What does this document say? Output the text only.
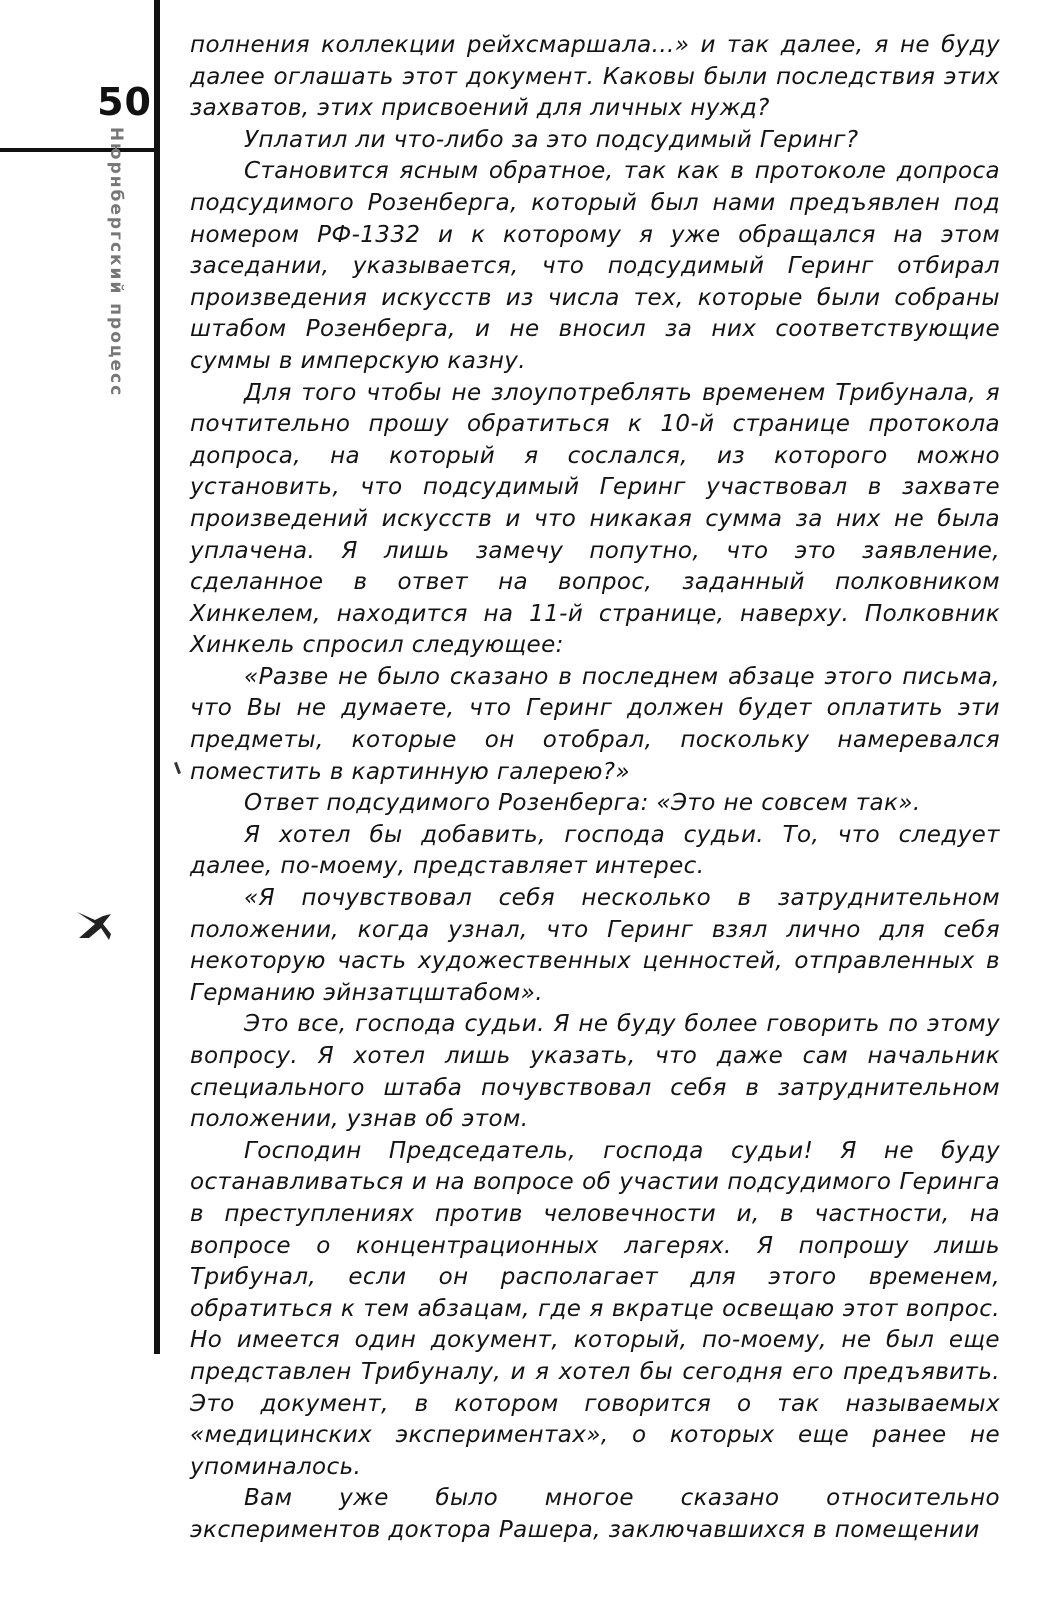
50
Нюрнбергский процесс

полнения коллекции рейхсмаршала...» и так далее, я не буду далее оглашать этот документ. Каковы были последствия этих захватов, этих присвоений для личных нужд?

Уплатил ли что-либо за это подсудимый Геринг?

Становится ясным обратное, так как в протоколе допроса подсудимого Розенберга, который был нами предъявлен под номером РФ-1332 и к которому я уже обращался на этом заседании, указывается, что подсудимый Геринг отбирал произведения искусств из числа тех, которые были собраны штабом Розенберга, и не вносил за них соответствующие суммы в имперскую казну.

Для того чтобы не злоупотреблять временем Трибунала, я почтительно прошу обратиться к 10-й странице протокола допроса, на который я сослался, из которого можно установить, что подсудимый Геринг участвовал в захвате произведений искусств и что никакая сумма за них не была уплачена. Я лишь замечу попутно, что это заявление, сделанное в ответ на вопрос, заданный полковником Хинкелем, находится на 11-й странице, наверху. Полковник Хинкель спросил следующее:

«Разве не было сказано в последнем абзаце этого письма, что Вы не думаете, что Геринг должен будет оплатить эти предметы, которые он отобрал, поскольку намеревался поместить в картинную галерею?»

Ответ подсудимого Розенберга: «Это не совсем так».

Я хотел бы добавить, господа судьи. То, что следует далее, по-моему, представляет интерес.

«Я почувствовал себя несколько в затруднительном положении, когда узнал, что Геринг взял лично для себя некоторую часть художественных ценностей, отправленных в Германию эйнзатцштабом».

Это все, господа судьи. Я не буду более говорить по этому вопросу. Я хотел лишь указать, что даже сам начальник специального штаба почувствовал себя в затруднительном положении, узнав об этом.

Господин Председатель, господа судьи! Я не буду останавливаться и на вопросе об участии подсудимого Геринга в преступлениях против человечности и, в частности, на вопросе о концентрационных лагерях. Я попрошу лишь Трибунал, если он располагает для этого временем, обратиться к тем абзацам, где я вкратце освещаю этот вопрос. Но имеется один документ, который, по-моему, не был еще представлен Трибуналу, и я хотел бы сегодня его предъявить. Это документ, в котором говорится о так называемых «медицинских экспериментах», о которых еще ранее не упоминалось.

Вам уже было многое сказано относительно экспериментов доктора Рашера, заключавшихся в помещении
